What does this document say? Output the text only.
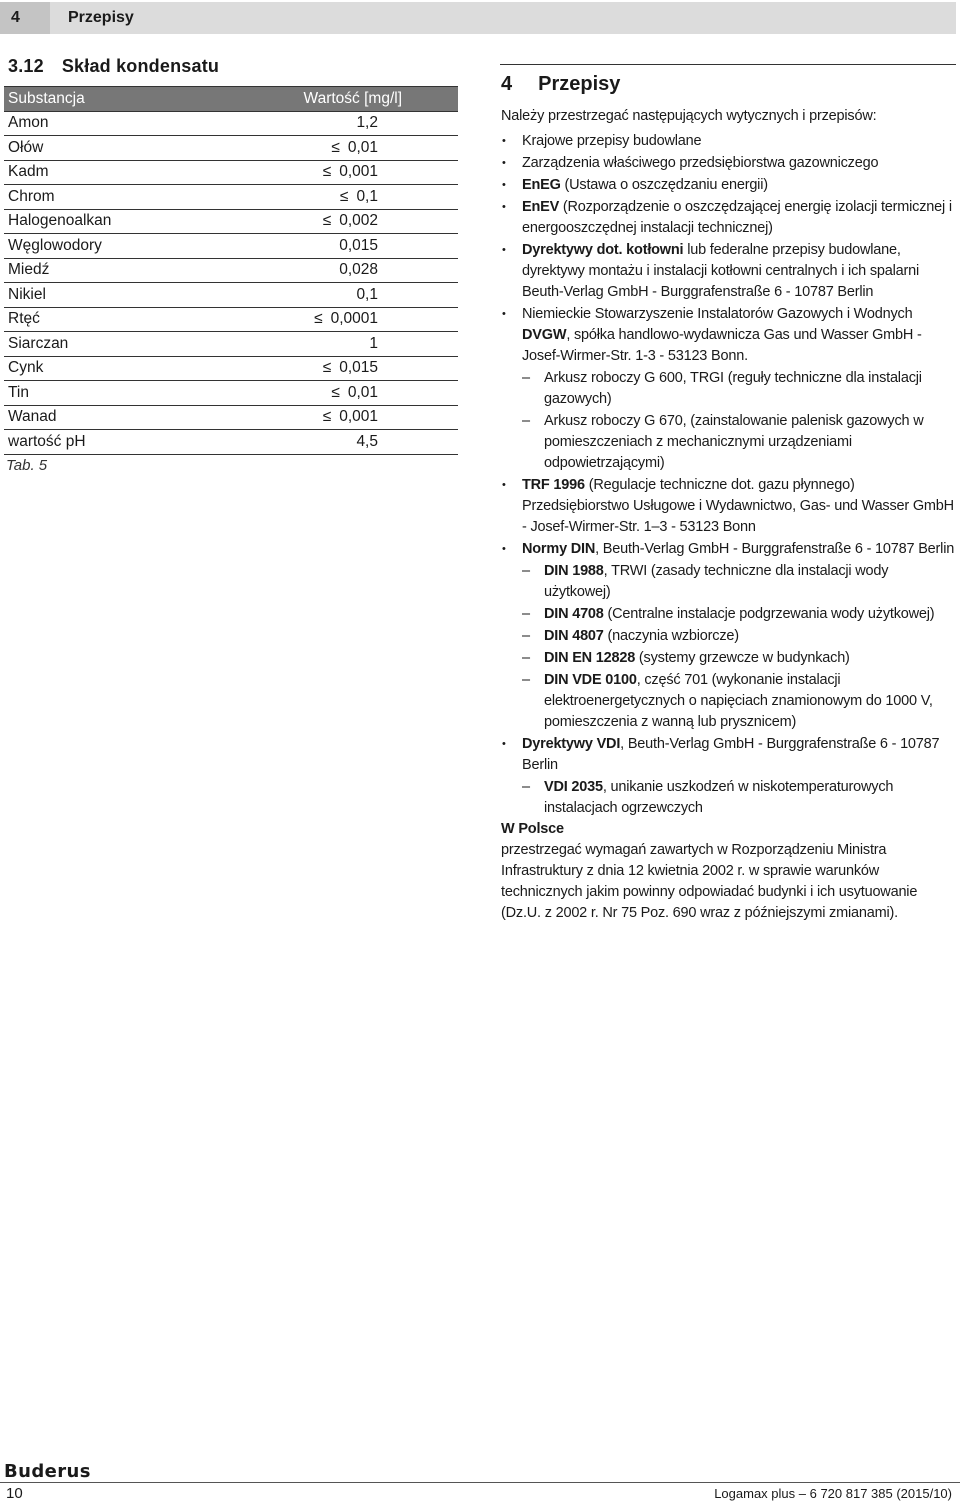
4	Przepisy
3.12 Skład kondensatu
Substancja	Wartość [mg/l]
Amon	1,2
Ołów	≤ 0,01
Kadm	≤ 0,001
Chrom	≤ 0,1
Halogenoalkan	≤ 0,002
Węglowodory	0,015
Miedź	0,028
Nikiel	0,1
Rtęć	≤ 0,0001
Siarczan	1
Cynk	≤ 0,015
Tin	≤ 0,01
Wanad	≤ 0,001
wartość pH	4,5
Tab. 5
4 Przepisy

Należy przestrzegać następujących wytycznych i przepisów:

• Krajowe przepisy budowlane
• Zarządzenia właściwego przedsiębiorstwa gazowniczego
• EnEG (Ustawa o oszczędzaniu energii)
• EnEV (Rozporządzenie o oszczędzającej energię izolacji termicznej i energooszczędnej instalacji technicznej)
• Dyrektywy dot. kotłowni lub federalne przepisy budowlane, dyrektywy montażu i instalacji kotłowni centralnych i ich spalarni Beuth-Verlag GmbH - Burggrafenstraße 6 - 10787 Berlin
• Niemieckie Stowarzyszenie Instalatorów Gazowych i Wodnych DVGW, spółka handlowo-wydawnicza Gas und Wasser GmbH - Josef-Wirmer-Str. 1-3 - 53123 Bonn.
– Arkusz roboczy G 600, TRGI (reguły techniczne dla instalacji gazowych)
– Arkusz roboczy G 670, (zainstalowanie palenisk gazowych w pomieszczeniach z mechanicznymi urządzeniami odpowietrzającymi)
• TRF 1996 (Regulacje techniczne dot. gazu płynnego) Przedsiębiorstwo Usługowe i Wydawnictwo, Gas- und Wasser GmbH - Josef-Wirmer-Str. 1–3 - 53123 Bonn
• Normy DIN, Beuth-Verlag GmbH - Burggrafenstraße 6 - 10787 Berlin
– DIN 1988, TRWI (zasady techniczne dla instalacji wody użytkowej)
– DIN 4708 (Centralne instalacje podgrzewania wody użytkowej)
– DIN 4807 (naczynia wzbiorcze)
– DIN EN 12828 (systemy grzewcze w budynkach)
– DIN VDE 0100, część 701 (wykonanie instalacji elektroenergetycznych o napięciach znamionowym do 1000 V, pomieszczenia z wanną lub prysznicem)
• Dyrektywy VDI, Beuth-Verlag GmbH - Burggrafenstraße 6 - 10787 Berlin
– VDI 2035, unikanie uszkodzeń w niskotemperaturowych instalacjach ogrzewczych

W Polsce

przestrzegać wymagań zawartych w Rozporządzeniu Ministra Infrastruktury z dnia 12 kwietnia 2002 r. w sprawie warunków technicznych jakim powinny odpowiadać budynki i ich usytuowanie (Dz.U. z 2002 r. Nr 75 Poz. 690 wraz z późniejszymi zmianami).

Buderus
10	Logamax plus – 6 720 817 385 (2015/10)
